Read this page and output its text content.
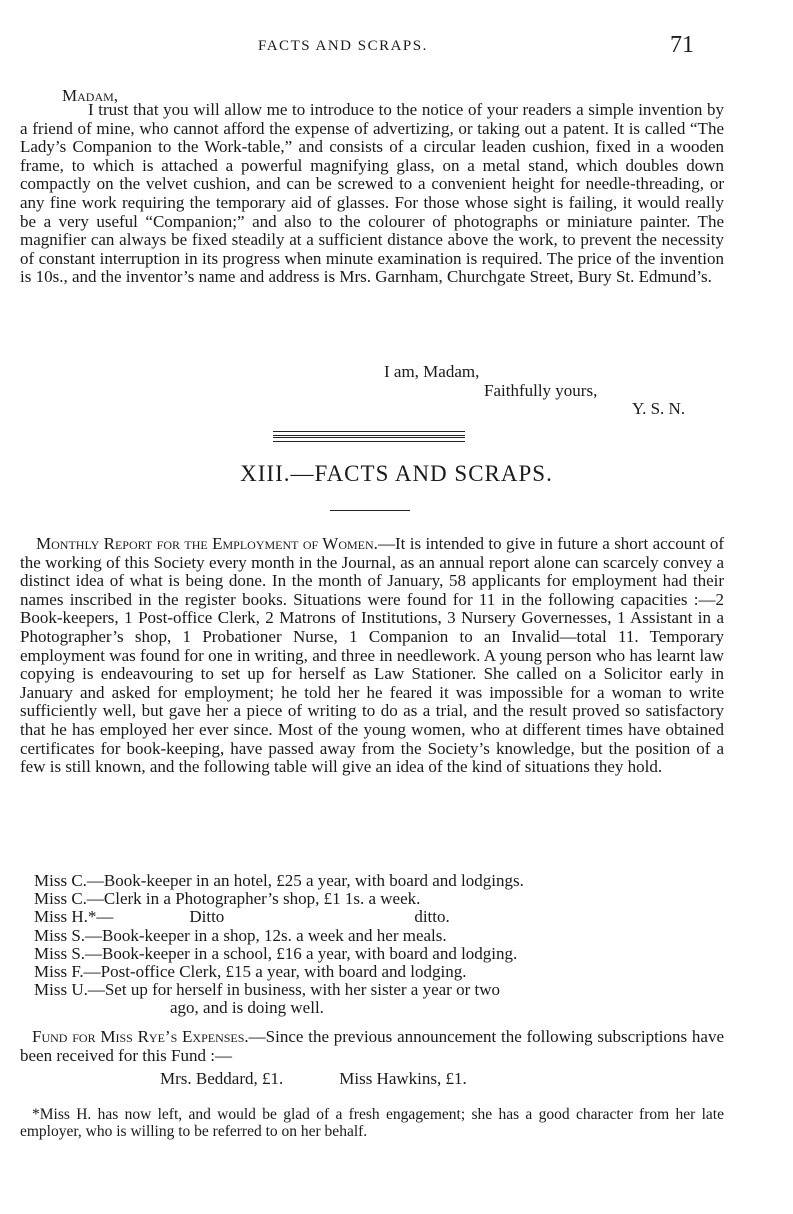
FACTS AND SCRAPS.	71
Madam,
I trust that you will allow me to introduce to the notice of your readers a simple invention by a friend of mine, who cannot afford the expense of advertizing, or taking out a patent. It is called “The Lady’s Companion to the Work-table,” and consists of a circular leaden cushion, fixed in a wooden frame, to which is attached a powerful magnifying glass, on a metal stand, which doubles down compactly on the velvet cushion, and can be screwed to a convenient height for needle-threading, or any fine work requiring the temporary aid of glasses. For those whose sight is failing, it would really be a very useful “Companion;” and also to the colourer of photographs or miniature painter. The magnifier can always be fixed steadily at a sufficient distance above the work, to prevent the necessity of constant interruption in its progress when minute examination is required. The price of the invention is 10s., and the inventor’s name and address is Mrs. Garnham, Churchgate Street, Bury St. Edmund’s.
I am, Madam,
Faithfully yours,
Y. S. N.
XIII.—FACTS AND SCRAPS.
Monthly Report for the Employment of Women.—It is intended to give in future a short account of the working of this Society every month in the Journal, as an annual report alone can scarcely convey a distinct idea of what is being done. In the month of January, 58 applicants for employment had their names inscribed in the register books. Situations were found for 11 in the following capacities :—2 Book-keepers, 1 Post-office Clerk, 2 Matrons of Institutions, 3 Nursery Governesses, 1 Assistant in a Photographer’s shop, 1 Probationer Nurse, 1 Companion to an Invalid—total 11. Temporary employment was found for one in writing, and three in needlework. A young person who has learnt law copying is endeavouring to set up for herself as Law Stationer. She called on a Solicitor early in January and asked for employment; he told her he feared it was impossible for a woman to write sufficiently well, but gave her a piece of writing to do as a trial, and the result proved so satisfactory that he has employed her ever since. Most of the young women, who at different times have obtained certificates for book-keeping, have passed away from the Society’s knowledge, but the position of a few is still known, and the following table will give an idea of the kind of situations they hold.
Miss C.—Book-keeper in an hotel, £25 a year, with board and lodgings.
Miss C.—Clerk in a Photographer’s shop, £1 1s. a week.
Miss H.*—	Ditto	ditto.
Miss S.—Book-keeper in a shop, 12s. a week and her meals.
Miss S.—Book-keeper in a school, £16 a year, with board and lodging.
Miss F.—Post-office Clerk, £15 a year, with board and lodging.
Miss U.—Set up for herself in business, with her sister a year or two
ago, and is doing well.
Fund for Miss Rye’s Expenses.—Since the previous announcement the following subscriptions have been received for this Fund :—
Mrs. Beddard, £1.	Miss Hawkins, £1.
*Miss H. has now left, and would be glad of a fresh engagement; she has a good character from her late employer, who is willing to be referred to on her behalf.
